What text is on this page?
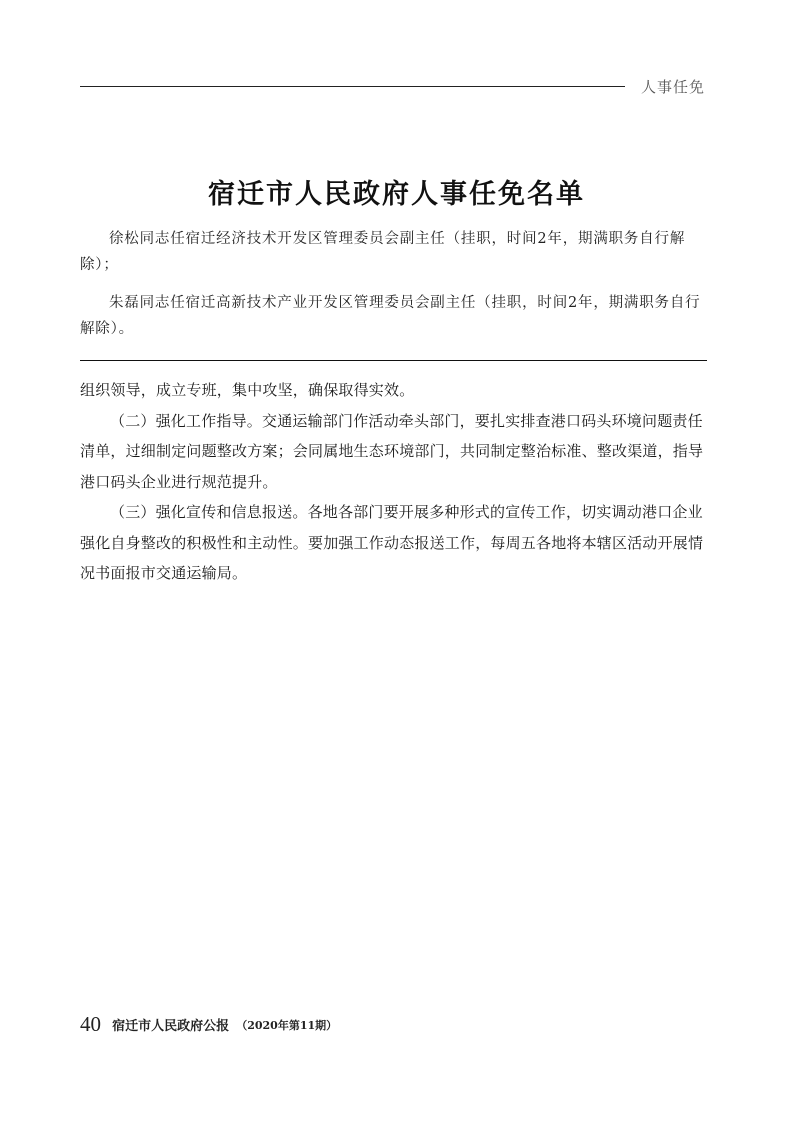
人事任免
宿迁市人民政府人事任免名单

徐松同志任宿迁经济技术开发区管理委员会副主任（挂职，时间2年，期满职务自行解除）；

朱磊同志任宿迁高新技术产业开发区管理委员会副主任（挂职，时间2年，期满职务自行解除）。

组织领导，成立专班，集中攻坚，确保取得实效。

（二）强化工作指导。交通运输部门作活动牵头部门，要扎实排查港口码头环境问题责任清单，过细制定问题整改方案；会同属地生态环境部门，共同制定整治标准、整改渠道，指导港口码头企业进行规范提升。

（三）强化宣传和信息报送。各地各部门要开展多种形式的宣传工作，切实调动港口企业强化自身整改的积极性和主动性。要加强工作动态报送工作，每周五各地将本辖区活动开展情况书面报市交通运输局。

40 宿迁市人民政府公报 （2020年第11期）
